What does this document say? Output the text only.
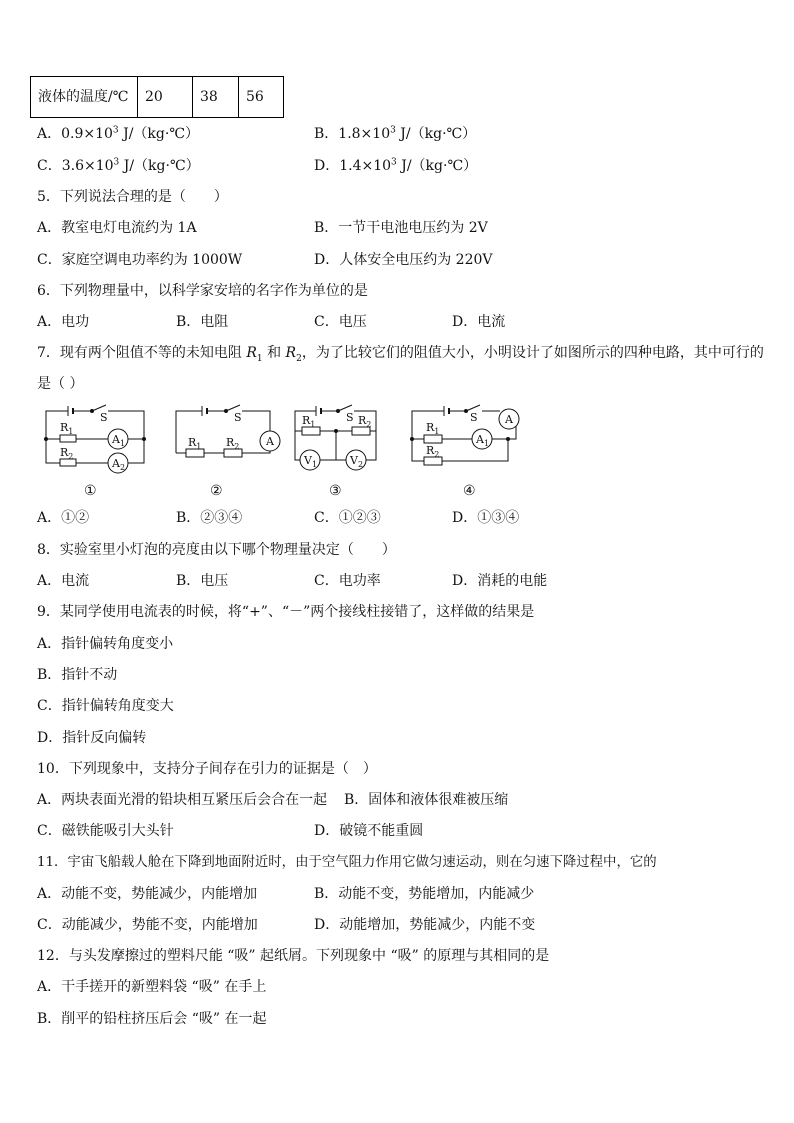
液体的温度/℃	20	38	56
A．$0.9\times 10^3$ J/（kg·℃）	B．$1.8\times 10^3$ J/（kg·℃）
C．$3.6\times 10^3$ J/（kg·℃）	D．$1.4\times 10^3$ J/（kg·℃）
5．下列说法合理的是（　　）
A．教室电灯电流约为 1A	B．一节干电池电压约为 2V
C．家庭空调电功率约为 1000W	D．人体安全电压约为 220V
6．下列物理量中，以科学家安培的名字作为单位的是
A．电功	B．电阻	C．电压	D．电流
7．现有两个阻值不等的未知电阻 $R_1$ 和 $R_2$，为了比较它们的阻值大小，小明设计了如图所示的四种电路，其中可行的
是（ ）
S
$R_1$
$R_2$
$A_1$
$A_2$
S
$R_1$ $R_2$ A
S
$R_1$	$R_2$
$V_1$	$V_2$
S
$R_1$
$R_2$
$A_1$
A
①	②	③	④
A．①②	B．②③④	C．①②③	D．①③④
8．实验室里小灯泡的亮度由以下哪个物理量决定（　　）
A．电流	B．电压	C．电功率	D．消耗的电能
9．某同学使用电流表的时候，将“+”、“－”两个接线柱接错了，这样做的结果是
A．指针偏转角度变小
B．指针不动
C．指针偏转角度变大
D．指针反向偏转
10．下列现象中，支持分子间存在引力的证据是（　）
A．两块表面光滑的铅块相互紧压后会合在一起 B．固体和液体很难被压缩
C．磁铁能吸引大头针	D．破镜不能重圆
11．宇宙飞船载人舱在下降到地面附近时，由于空气阻力作用它做匀速运动，则在匀速下降过程中，它的
A．动能不变，势能减少，内能增加	B．动能不变，势能增加，内能减少
C．动能减少，势能不变，内能增加	D．动能增加，势能减少，内能不变
12．与头发摩擦过的塑料尺能 “吸” 起纸屑。下列现象中 “吸” 的原理与其相同的是
A．干手搓开的新塑料袋 “吸” 在手上
B．削平的铅柱挤压后会 “吸” 在一起
